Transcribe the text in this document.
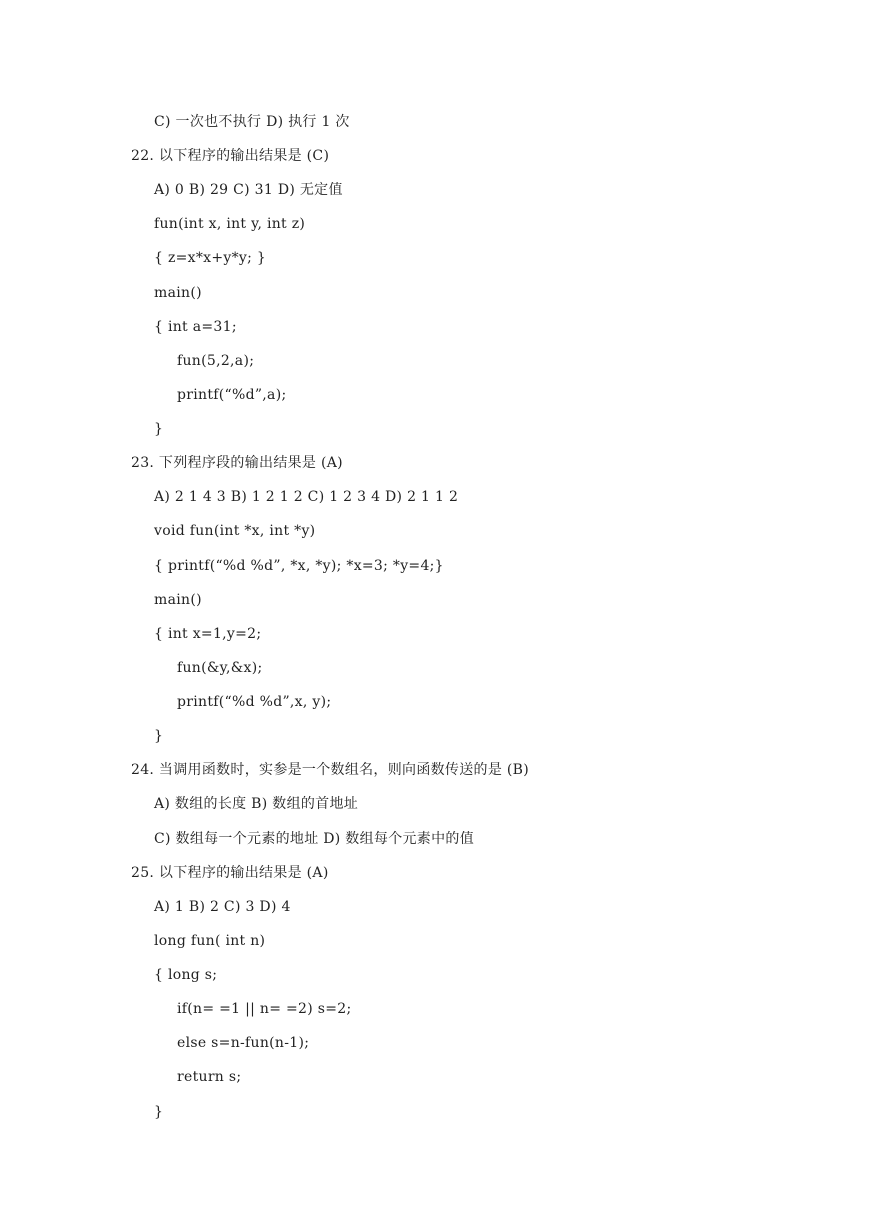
C) 一次也不执行 D) 执行 1 次
22. 以下程序的输出结果是 (C)
A) 0 B) 29 C) 31 D) 无定值
fun(int x, int y, int z)
{ z=x*x+y*y; }
main()
{ int a=31;
fun(5,2,a);
printf(“%d”,a);
}
23. 下列程序段的输出结果是 (A)
A) 2 1 4 3 B) 1 2 1 2 C) 1 2 3 4 D) 2 1 1 2
void fun(int *x, int *y)
{ printf(“%d %d”, *x, *y); *x=3; *y=4;}
main()
{ int x=1,y=2;
fun(&y,&x);
printf(“%d %d”,x, y);
}
24. 当调用函数时，实参是一个数组名，则向函数传送的是 (B)
A) 数组的长度 B) 数组的首地址
C) 数组每一个元素的地址 D) 数组每个元素中的值
25. 以下程序的输出结果是 (A)
A) 1 B) 2 C) 3 D) 4
long fun( int n)
{ long s;
if(n= =1 || n= =2) s=2;
else s=n-fun(n-1);
return s;
}
